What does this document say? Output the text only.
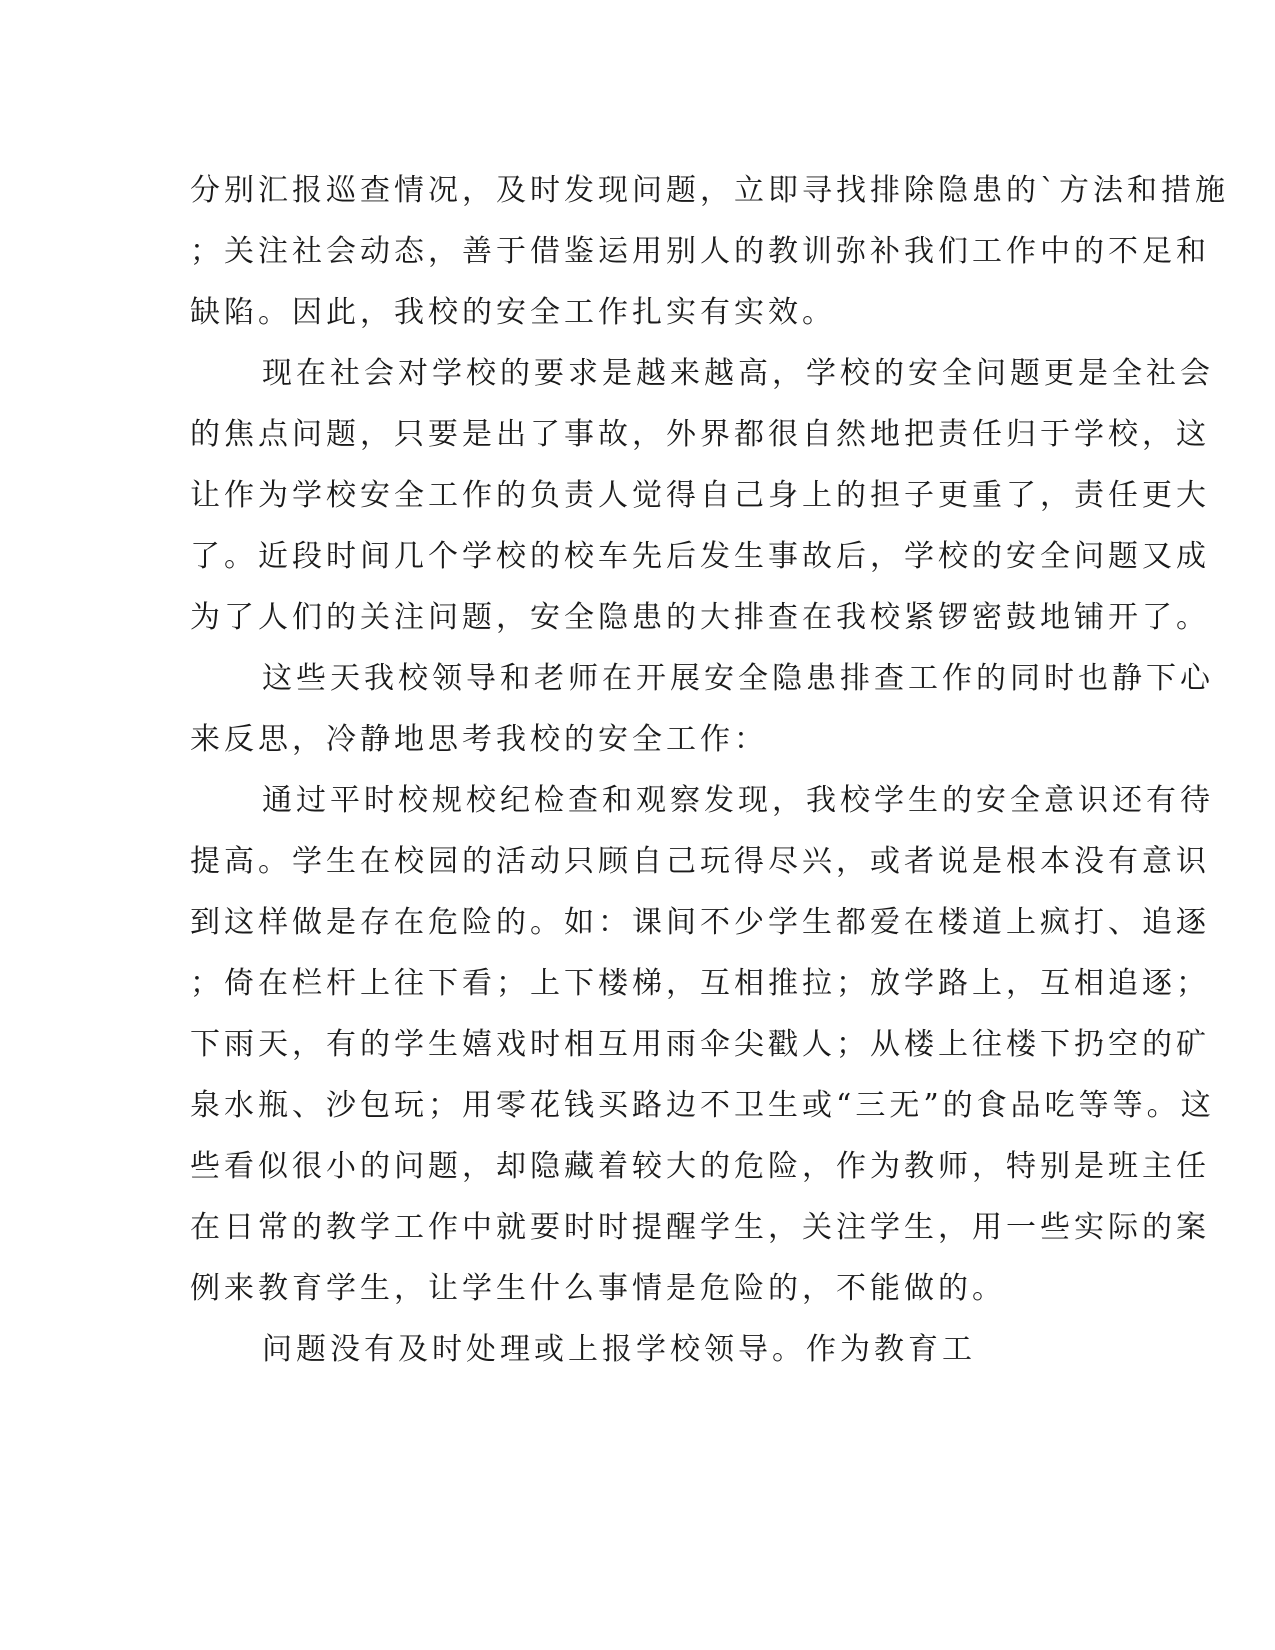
分别汇报巡查情况，及时发现问题，立即寻找排除隐患的`方法和措施
；关注社会动态，善于借鉴运用别人的教训弥补我们工作中的不足和
缺陷。因此，我校的安全工作扎实有实效。
现在社会对学校的要求是越来越高，学校的安全问题更是全社会
的焦点问题，只要是出了事故，外界都很自然地把责任归于学校，这
让作为学校安全工作的负责人觉得自己身上的担子更重了，责任更大
了。近段时间几个学校的校车先后发生事故后，学校的安全问题又成
为了人们的关注问题，安全隐患的大排查在我校紧锣密鼓地铺开了。
这些天我校领导和老师在开展安全隐患排查工作的同时也静下心
来反思，冷静地思考我校的安全工作：
通过平时校规校纪检查和观察发现，我校学生的安全意识还有待
提高。学生在校园的活动只顾自己玩得尽兴，或者说是根本没有意识
到这样做是存在危险的。如：课间不少学生都爱在楼道上疯打、追逐
；倚在栏杆上往下看；上下楼梯，互相推拉；放学路上，互相追逐；
下雨天，有的学生嬉戏时相互用雨伞尖戳人；从楼上往楼下扔空的矿
泉水瓶、沙包玩；用零花钱买路边不卫生或“三无”的食品吃等等。这
些看似很小的问题，却隐藏着较大的危险，作为教师，特别是班主任
在日常的教学工作中就要时时提醒学生，关注学生，用一些实际的案
例来教育学生，让学生什么事情是危险的，不能做的。
问题没有及时处理或上报学校领导。作为教育工
